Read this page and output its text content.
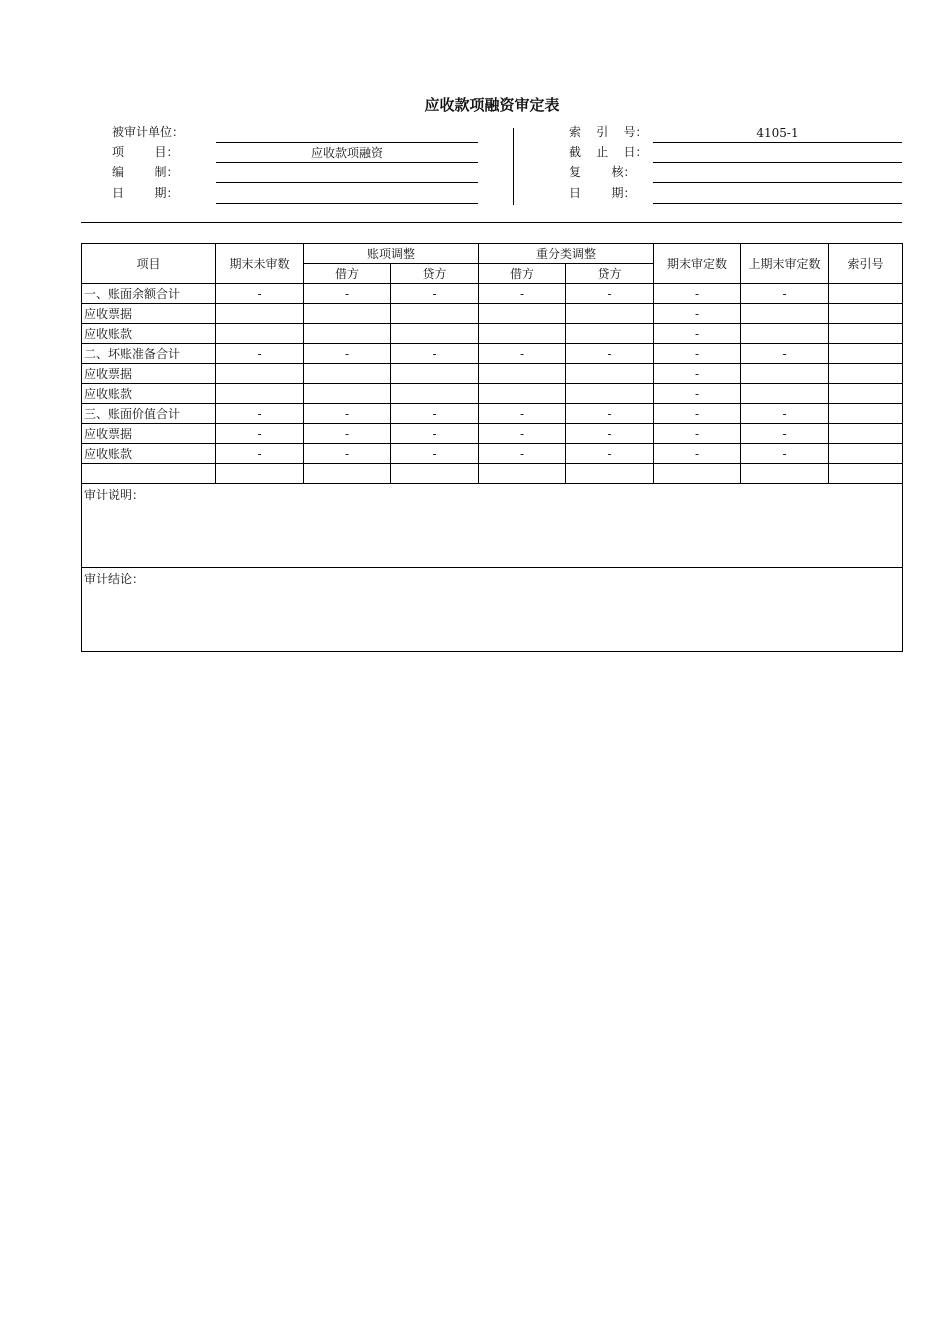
应收款项融资审定表
被审计单位：
项        目：	应收款项融资
编        制：
日        期：
索    引    号：	4105-1
截    止    日：
复        核：
日        期：
项目	期末未审数	账项调整		重分类调整		期末审定数	上期末审定数	索引号
		借方	贷方	借方	贷方			
一、账面余额合计	-	-	-	-	-	-	-	
应收票据						-		
应收账款						-		
二、坏账准备合计	-	-	-	-	-	-	-	
应收票据						-		
应收账款						-		
三、账面价值合计	-	-	-	-	-	-	-	
应收票据	-	-	-	-	-	-	-	
应收账款	-	-	-	-	-	-	-	

审计说明：								
审计结论：								
